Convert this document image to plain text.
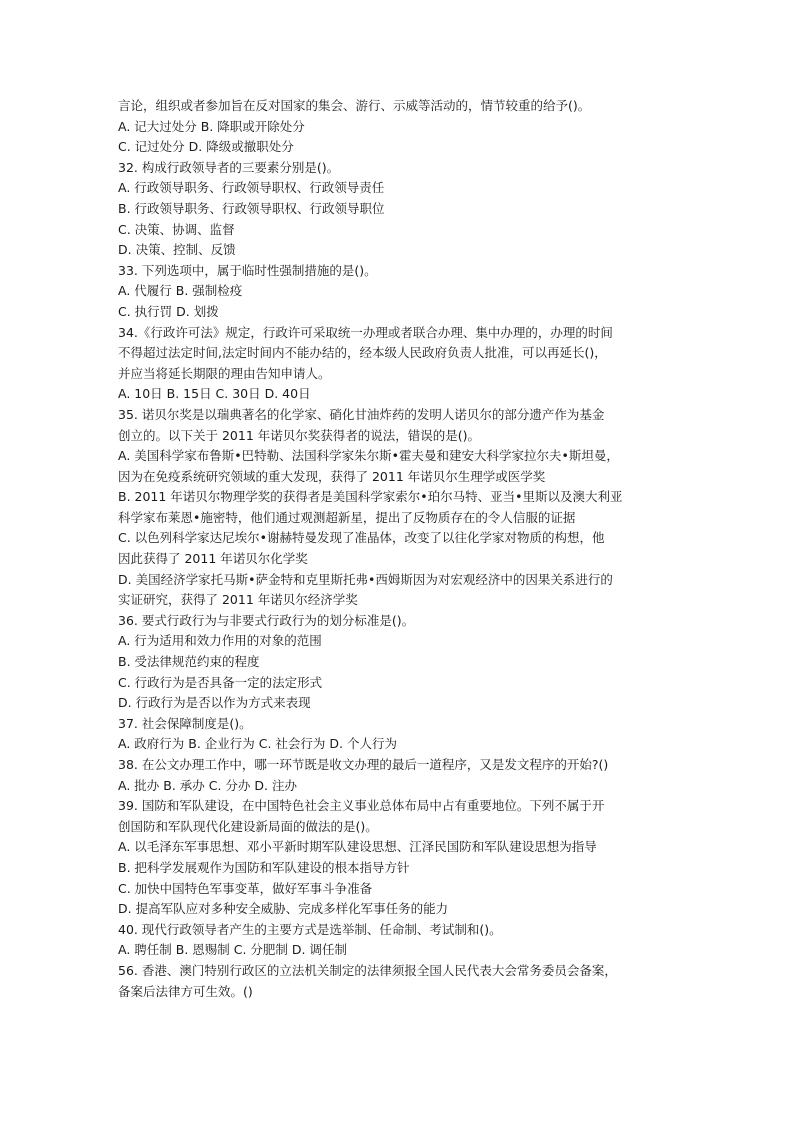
言论，组织或者参加旨在反对国家的集会、游行、示威等活动的，情节较重的给予()。
A. 记大过处分 B. 降职或开除处分
C. 记过处分 D. 降级或撤职处分
32. 构成行政领导者的三要素分别是()。
A. 行政领导职务、行政领导职权、行政领导责任
B. 行政领导职务、行政领导职权、行政领导职位
C. 决策、协调、监督
D. 决策、控制、反馈
33. 下列选项中，属于临时性强制措施的是()。
A. 代履行 B. 强制检疫
C. 执行罚 D. 划拨
34.《行政许可法》规定，行政许可采取统一办理或者联合办理、集中办理的，办理的时间
不得超过法定时间,法定时间内不能办结的，经本级人民政府负责人批准，可以再延长()，
并应当将延长期限的理由告知申请人。
A. 10日 B. 15日 C. 30日 D. 40日
35. 诺贝尔奖是以瑞典著名的化学家、硝化甘油炸药的发明人诺贝尔的部分遗产作为基金
创立的。以下关于 2011 年诺贝尔奖获得者的说法，错误的是()。
A. 美国科学家布鲁斯•巴特勒、法国科学家朱尔斯•霍夫曼和建安大科学家拉尔夫•斯坦曼，
因为在免疫系统研究领域的重大发现，获得了 2011 年诺贝尔生理学或医学奖
B. 2011 年诺贝尔物理学奖的获得者是美国科学家索尔•珀尔马特、亚当•里斯以及澳大利亚
科学家布莱恩•施密特，他们通过观测超新星，提出了反物质存在的令人信服的证据
C. 以色列科学家达尼埃尔•谢赫特曼发现了准晶体，改变了以往化学家对物质的构想，他
因此获得了 2011 年诺贝尔化学奖
D. 美国经济学家托马斯•萨金特和克里斯托弗•西姆斯因为对宏观经济中的因果关系进行的
实证研究，获得了 2011 年诺贝尔经济学奖
36. 要式行政行为与非要式行政行为的划分标准是()。
A. 行为适用和效力作用的对象的范围
B. 受法律规范约束的程度
C. 行政行为是否具备一定的法定形式
D. 行政行为是否以作为方式来表现
37. 社会保障制度是()。
A. 政府行为 B. 企业行为 C. 社会行为 D. 个人行为
38. 在公文办理工作中，哪一环节既是收文办理的最后一道程序，又是发文程序的开始?()
A. 批办 B. 承办 C. 分办 D. 注办
39. 国防和军队建设，在中国特色社会主义事业总体布局中占有重要地位。下列不属于开
创国防和军队现代化建设新局面的做法的是()。
A. 以毛泽东军事思想、邓小平新时期军队建设思想、江泽民国防和军队建设思想为指导
B. 把科学发展观作为国防和军队建设的根本指导方针
C. 加快中国特色军事变革，做好军事斗争准备
D. 提高军队应对多种安全威胁、完成多样化军事任务的能力
40. 现代行政领导者产生的主要方式是选举制、任命制、考试制和()。
A. 聘任制 B. 恩赐制 C. 分肥制 D. 调任制
56. 香港、澳门特别行政区的立法机关制定的法律须报全国人民代表大会常务委员会备案，
备案后法律方可生效。()
